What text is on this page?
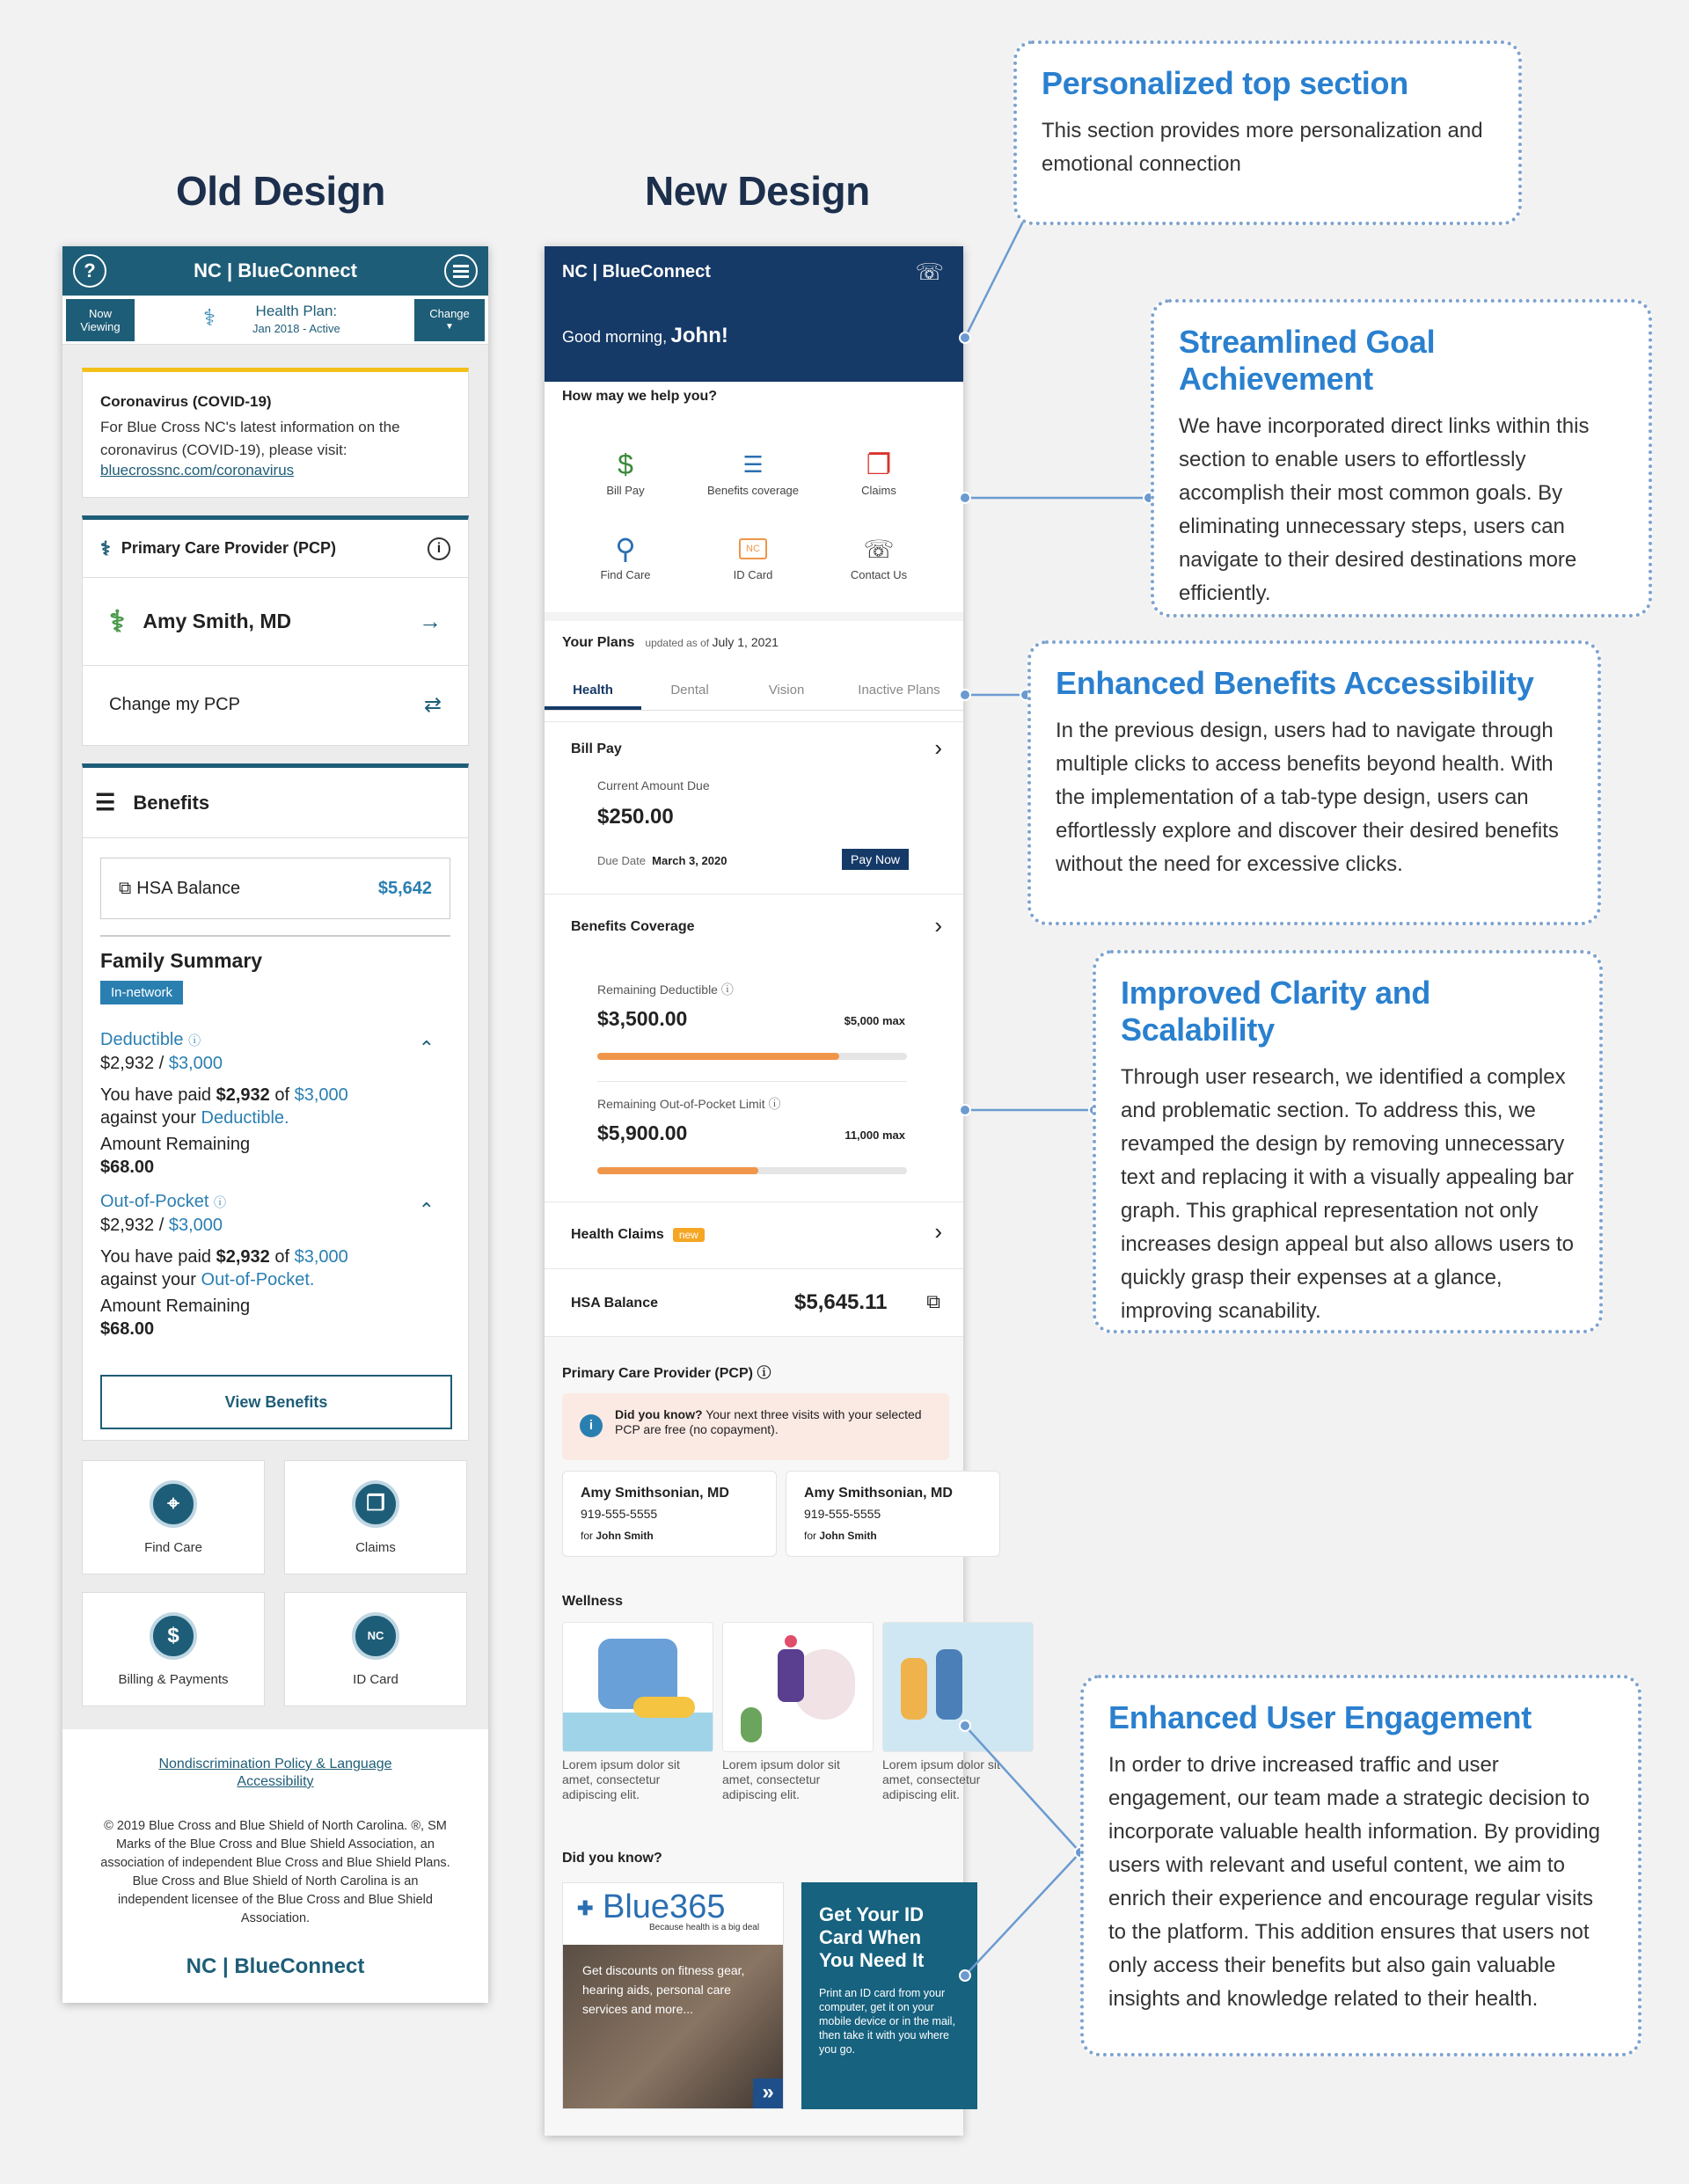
Old Design	New Design
?	NC | BlueConnect
Now
Viewing	⚕	Health Plan:
Jan 2018 - Active
Change
▼
Coronavirus (COVID-19)
For Blue Cross NC's latest information on the coronavirus (COVID-19), please visit:
bluecrossnc.com/coronavirus
⚕ Primary Care Provider (PCP)	i
⚕ Amy Smith, MD	→
Change my PCP	⇄
☰ Benefits
⧉ HSA Balance	$5,642
Family Summary
In-network
Deductible ⓘ
$2,932 / $3,000
You have paid $2,932 of $3,000
against your Deductible.
Amount Remaining
$68.00
⌃
Out-of-Pocket ⓘ
$2,932 / $3,000
You have paid $2,932 of $3,000
against your Out-of-Pocket.
Amount Remaining
$68.00
⌃
View Benefits
⌖
Find Care
❐
Claims
$
Billing & Payments
NC
ID Card
Nondiscrimination Policy & Language Accessibility
© 2019 Blue Cross and Blue Shield of North Carolina. ®, SM Marks of the Blue Cross and Blue Shield Association, an association of independent Blue Cross and Blue Shield Plans. Blue Cross and Blue Shield of North Carolina is an independent licensee of the Blue Cross and Blue Shield Association.
NC | BlueConnect
NC | BlueConnect	☏
Good morning, John!
How may we help you?
$
Bill Pay
☰
Benefits coverage
❐
Claims
⚲
Find Care
NC
ID Card
☏
Contact Us
Your Plans updated as of July 1, 2021
Health	Dental	Vision	Inactive Plans
Bill Pay	›
Current Amount Due
$250.00
Due Date March 3, 2020	Pay Now
Benefits Coverage	›
Remaining Deductible ⓘ
$3,500.00	$5,000 max
Remaining Out-of-Pocket Limit ⓘ
$5,900.00	11,000 max
Health Claims	new	›
HSA Balance	$5,645.11 ⧉
Primary Care Provider (PCP) ⓘ
i
Did you know? Your next three visits with your selected PCP are free (no copayment).
Amy Smithsonian, MD
919-555-5555
for John Smith
Amy Smithsonian, MD
919-555-5555
for John Smith
Wellness
Lorem ipsum dolor sit amet, consectetur adipiscing elit.
Lorem ipsum dolor sit amet, consectetur adipiscing elit.
Lorem ipsum dolor sit amet, consectetur adipiscing elit.
Did you know?
✚ Blue365
Because health is a big deal
Get discounts on fitness gear, hearing aids, personal care services and more...
»
Get Your ID Card When You Need It
Print an ID card from your computer, get it on your mobile device or in the mail, then take it with you where you go.
Personalized top section

This section provides more personalization and emotional connection

Streamlined Goal Achievement

We have incorporated direct links within this section to enable users to effortlessly accomplish their most common goals. By eliminating unnecessary steps, users can navigate to their desired destinations more efficiently.

Enhanced Benefits Accessibility

In the previous design, users had to navigate through multiple clicks to access benefits beyond health. With the implementation of a tab-type design, users can effortlessly explore and discover their desired benefits without the need for excessive clicks.

Improved Clarity and Scalability

Through user research, we identified a complex and problematic section. To address this, we revamped the design by removing unnecessary text and replacing it with a visually appealing bar graph. This graphical representation not only increases design appeal but also allows users to quickly grasp their expenses at a glance, improving scanability.

Enhanced User Engagement

In order to drive increased traffic and user engagement, our team made a strategic decision to incorporate valuable health information. By providing users with relevant and useful content, we aim to enrich their experience and encourage regular visits to the platform. This addition ensures that users not only access their benefits but also gain valuable insights and knowledge related to their health.
